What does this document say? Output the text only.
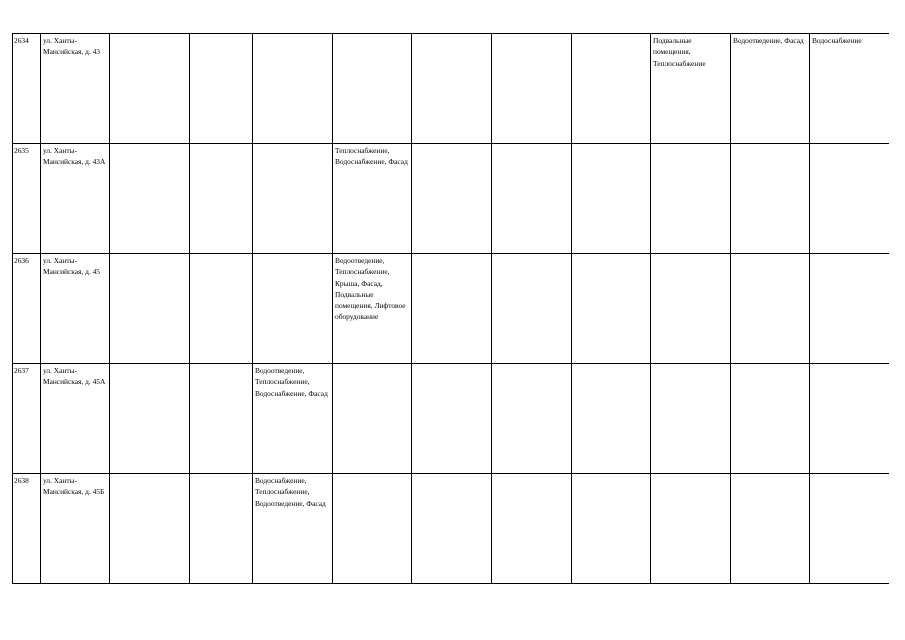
2634	ул. Ханты-Мансийская, д. 43								Подвальные помещения, Теплоснабжение	Водоотведение, Фасад	Водоснабжение
2635	ул. Ханты-Мансийская, д. 43А				Теплоснабжение, Водоснабжение, Фасад						
2636	ул. Ханты-Мансийская, д. 45				Водоотведение, Теплоснабжение, Крыша, Фасад, Подвальные помещения, Лифтовое оборудование						
2637	ул. Ханты-Мансийская, д. 45А			Водоотведение, Теплоснабжение, Водоснабжение, Фасад							
2638	ул. Ханты-Мансийская, д. 45Б			Водоснабжение, Теплоснабжение, Водоотведение, Фасад							
